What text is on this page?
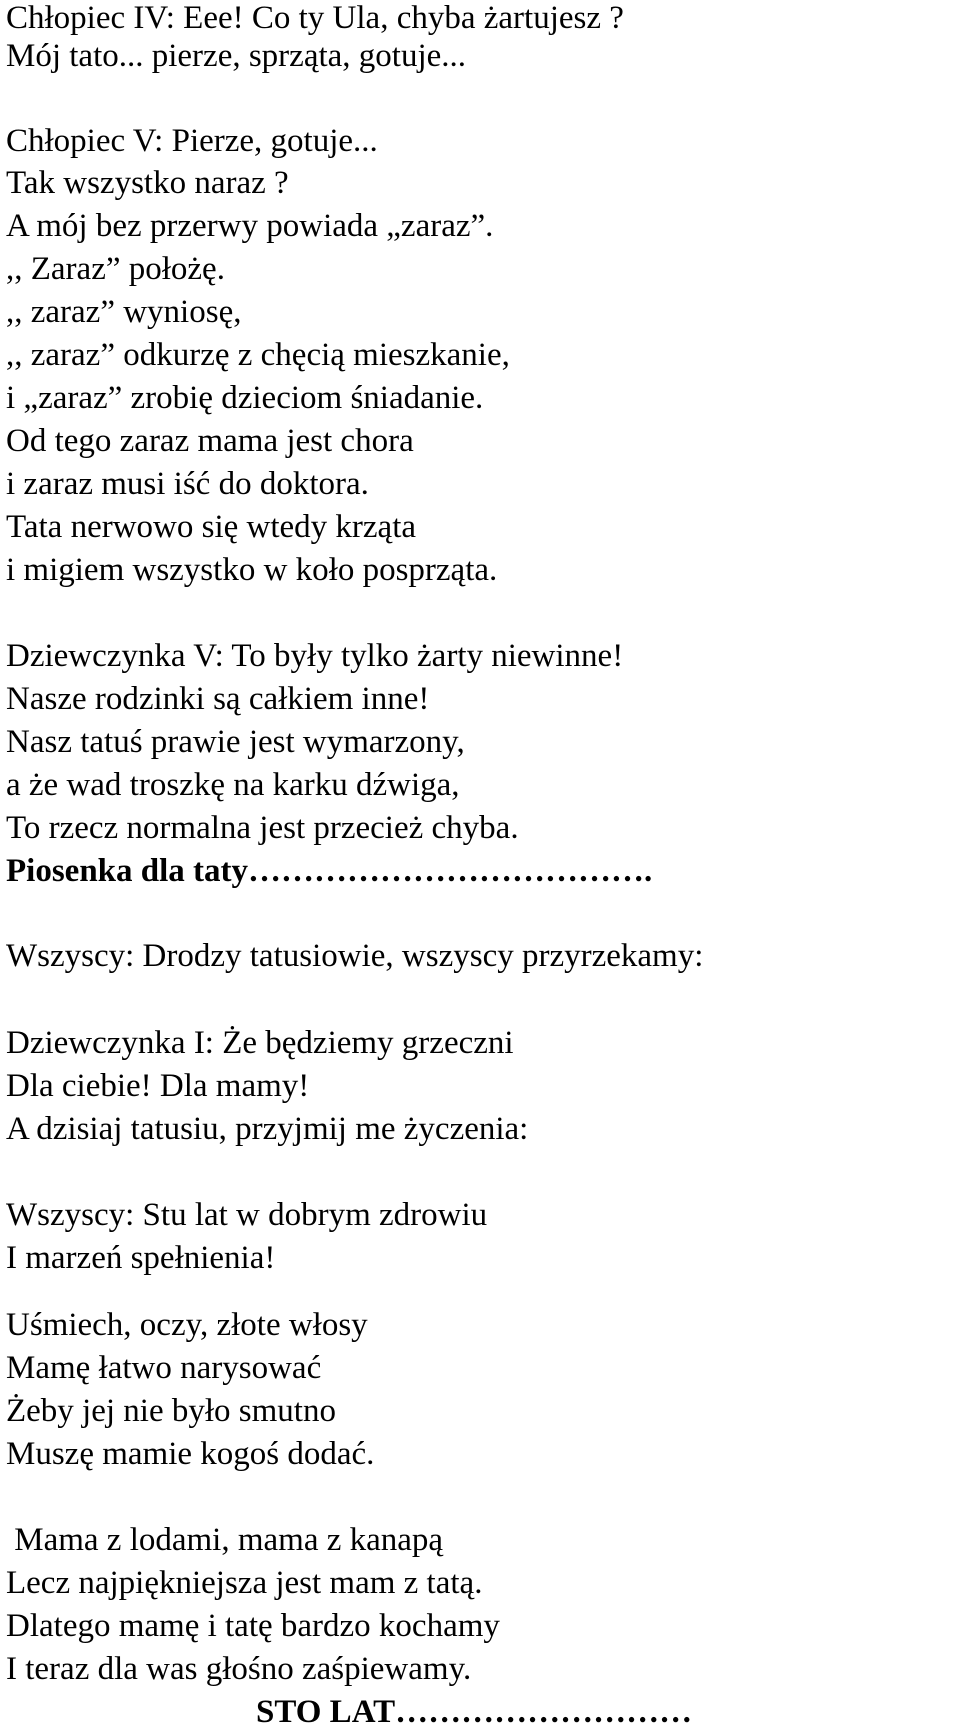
Chłopiec IV: Eee! Co ty Ula, chyba żartujesz ?
Mój tato... pierze, sprząta, gotuje...
Chłopiec V: Pierze, gotuje...
Tak wszystko naraz ?
A mój bez przerwy powiada „zaraz”.
,, Zaraz” położę.
,, zaraz” wyniosę,
,, zaraz” odkurzę z chęcią mieszkanie,
i „zaraz” zrobię dzieciom śniadanie.
Od tego zaraz mama jest chora
i zaraz musi iść do doktora.
Tata nerwowo się wtedy krząta
i migiem wszystko w koło posprząta.
Dziewczynka V: To były tylko żarty niewinne!
Nasze rodzinki są całkiem inne!
Nasz tatuś prawie jest wymarzony,
a że wad troszkę na karku dźwiga,
To rzecz normalna jest przecież chyba.
Piosenka dla taty……………………………….
Wszyscy: Drodzy tatusiowie, wszyscy przyrzekamy:
Dziewczynka I: Że będziemy grzeczni
Dla ciebie! Dla mamy!
A dzisiaj tatusiu, przyjmij me życzenia:
Wszyscy: Stu lat w dobrym zdrowiu
I marzeń spełnienia!
Uśmiech, oczy, złote włosy
Mamę łatwo narysować
Żeby jej nie było smutno
Muszę mamie kogoś dodać.
Mama z lodami, mama z kanapą
Lecz najpiękniejsza jest mam z tatą.
Dlatego mamę i tatę bardzo kochamy
I teraz dla was głośno zaśpiewamy.
STO LAT………………………
